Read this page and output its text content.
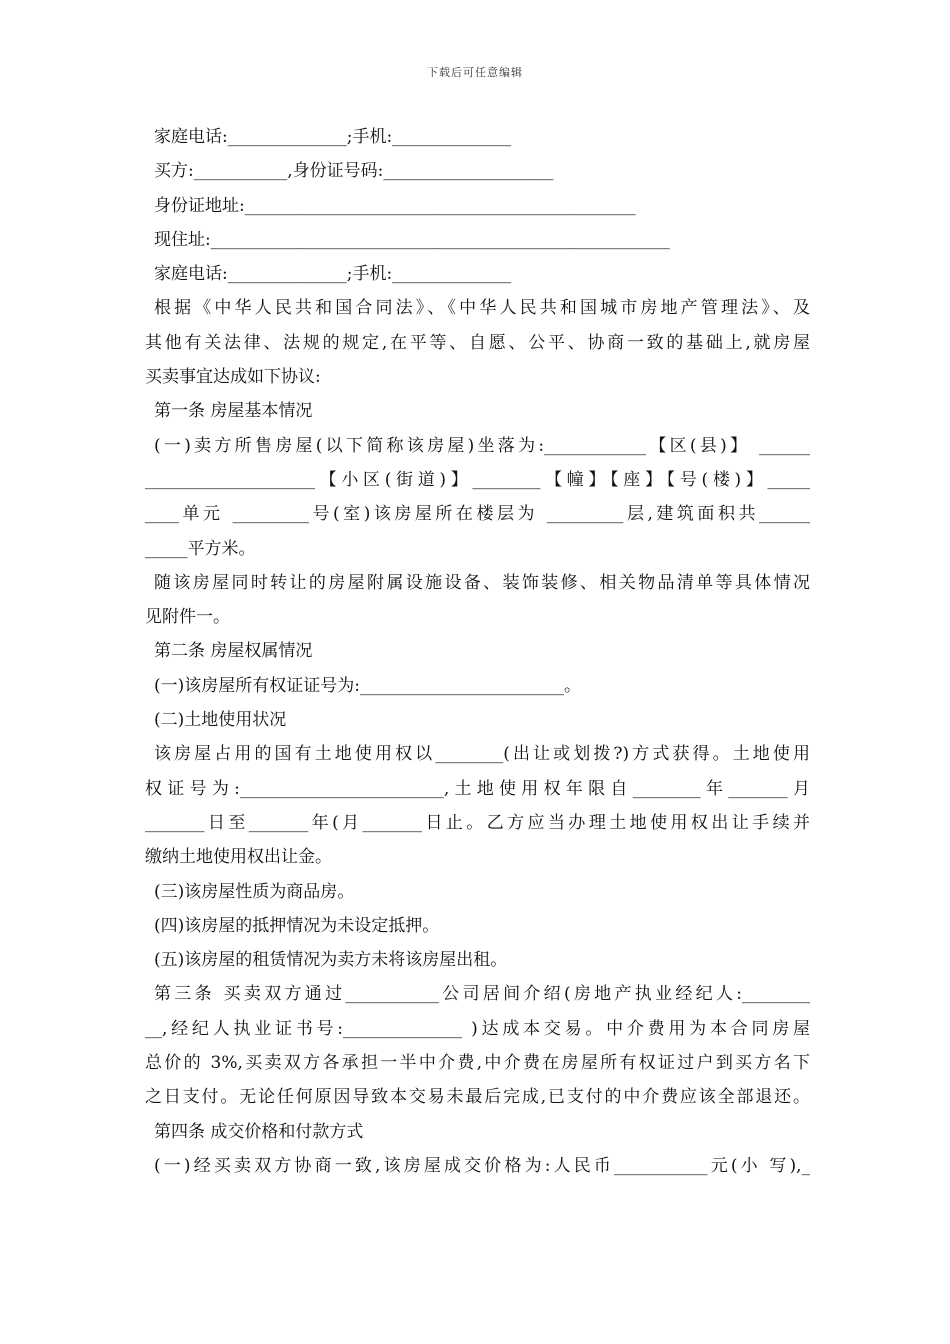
下载后可任意编辑
家庭电话:______________;手机:______________
买方:___________,身份证号码:____________________
身份证地址:______________________________________________
现住址:______________________________________________________
家庭电话:______________;手机:______________
根据《中华人民共和国合同法》、《中华人民共和国城市房地产管理法》、及
其他有关法律、法规的规定,在平等、自愿、公平、协商一致的基础上,就房屋
买卖事宜达成如下协议:
第一条 房屋基本情况
(一)卖方所售房屋(以下简称该房屋)坐落为:____________【区(县)】 ______
____________________【小区(街道)】________【幢】【座】【号(楼)】_____
____单元 _________号(室)该房屋所在楼层为 _________层,建筑面积共______
_____平方米。
随该房屋同时转让的房屋附属设施设备、装饰装修、相关物品清单等具体情况
见附件一。
第二条 房屋权属情况
(一)该房屋所有权证证号为:________________________。
(二)土地使用状况
该房屋占用的国有土地使用权以________(出让或划拨?)方式获得。土地使用
权证号为:________________________,土地使用权年限自________年_______月
_______日至_______年(月_______日止。乙方应当办理土地使用权出让手续并
缴纳土地使用权出让金。
(三)该房屋性质为商品房。
(四)该房屋的抵押情况为未设定抵押。
(五)该房屋的租赁情况为卖方未将该房屋出租。
第三条 买卖双方通过___________公司居间介绍(房地产执业经纪人:________
__,经纪人执业证书号:______________ )达成本交易。中介费用为本合同房屋
总价的 3%,买卖双方各承担一半中介费,中介费在房屋所有权证过户到买方名下
之日支付。无论任何原因导致本交易未最后完成,已支付的中介费应该全部退还。
第四条 成交价格和付款方式
(一)经买卖双方协商一致,该房屋成交价格为:人民币___________元(小 写),_
